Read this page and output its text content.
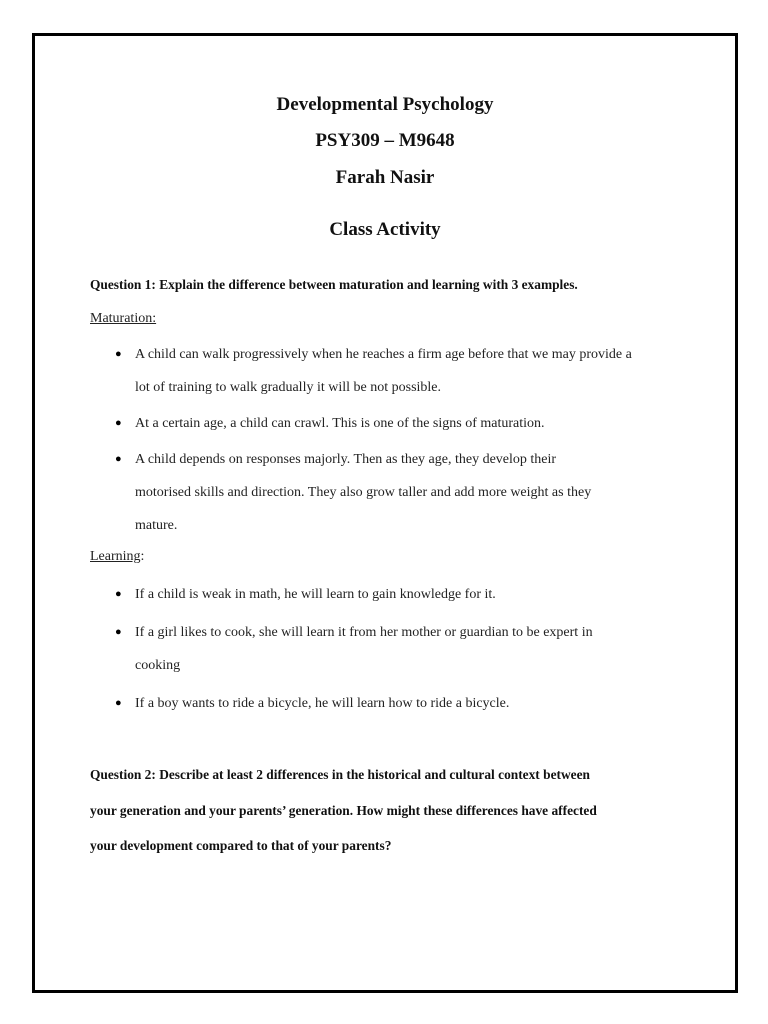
Developmental Psychology
PSY309 – M9648
Farah Nasir
Class Activity

Question 1: Explain the difference between maturation and learning with 3 examples.

Maturation:

● A child can walk progressively when he reaches a firm age before that we may provide a
lot of training to walk gradually it will be not possible.
● At a certain age, a child can crawl. This is one of the signs of maturation.
● A child depends on responses majorly. Then as they age, they develop their
motorised skills and direction. They also grow taller and add more weight as they
mature.

Learning:

● If a child is weak in math, he will learn to gain knowledge for it.
● If a girl likes to cook, she will learn it from her mother or guardian to be expert in
cooking
● If a boy wants to ride a bicycle, he will learn how to ride a bicycle.

Question 2: Describe at least 2 differences in the historical and cultural context between
your generation and your parents’ generation. How might these differences have affected
your development compared to that of your parents?
